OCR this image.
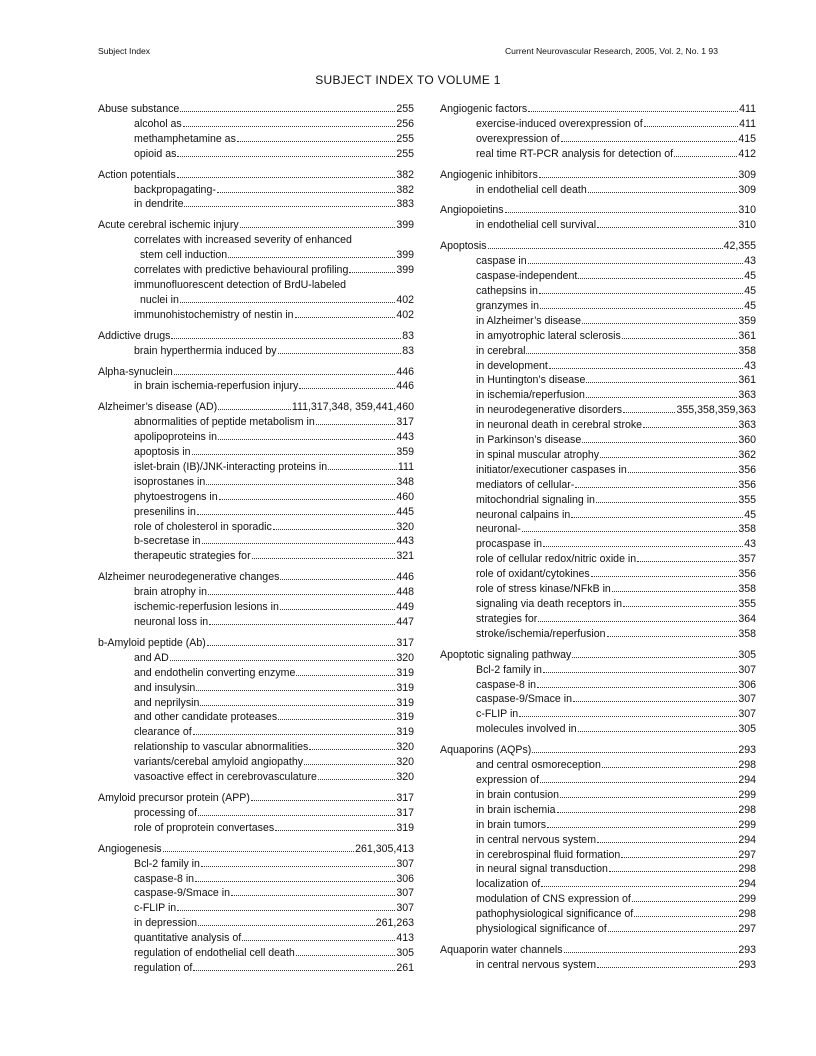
Subject Index	Current Neurovascular Research, 2005, Vol. 2, No. 1 93
SUBJECT INDEX TO VOLUME 1
Abuse substance	255
alcohol as	256
methamphetamine as	255
opioid as	255
Action potentials	382
backpropagating-	382
in dendrite	383
Acute cerebral ischemic injury	399
correlates with increased severity of enhanced
stem cell induction	399
correlates with predictive behavioural profiling	399
immunofluorescent detection of BrdU-labeled
nuclei in	402
immunohistochemistry of nestin in	402
Addictive drugs	83
brain hyperthermia induced by	83
Alpha-synuclein	446
in brain ischemia-reperfusion injury	446
Alzheimer’s disease (AD)	111,317,348, 359,441,460
abnormalities of peptide metabolism in	317
apolipoproteins in	443
apoptosis in	359
islet-brain (IB)/JNK-interacting proteins in	111
isoprostanes in	348
phytoestrogens in	460
presenilins in	445
role of cholesterol in sporadic	320
b-secretase in	443
therapeutic strategies for	321
Alzheimer neurodegenerative changes	446
brain atrophy in	448
ischemic-reperfusion lesions in	449
neuronal loss in	447
b-Amyloid peptide (Ab)	317
and AD	320
and endothelin converting enzyme	319
and insulysin	319
and neprilysin	319
and other candidate proteases	319
clearance of	319
relationship to vascular abnormalities	320
variants/cerebal amyloid angiopathy	320
vasoactive effect in cerebrovasculature	320
Amyloid precursor protein (APP)	317
processing of	317
role of proprotein convertases	319
Angiogenesis	261,305,413
Bcl-2 family in	307
caspase-8 in	306
caspase-9/Smace in	307
c-FLIP in	307
in depression	261,263
quantitative analysis of	413
regulation of endothelial cell death	305
regulation of	261
Angiogenic factors	411
exercise-induced overexpression of	411
overexpression of	415
real time RT-PCR analysis for detection of	412
Angiogenic inhibitors	309
in endothelial cell death	309
Angiopoietins	310
in endothelial cell survival	310
Apoptosis	42,355
caspase in	43
caspase-independent	45
cathepsins in	45
granzymes in	45
in Alzheimer’s disease	359
in amyotrophic lateral sclerosis	361
in cerebral	358
in development	43
in Huntington’s disease	361
in ischemia/reperfusion	363
in neurodegenerative disorders	355,358,359,363
in neuronal death in cerebral stroke	363
in Parkinson’s disease	360
in spinal muscular atrophy	362
initiator/executioner caspases in	356
mediators of cellular-	356
mitochondrial signaling in	355
neuronal calpains in	45
neuronal-	358
procaspase in	43
role of cellular redox/nitric oxide in	357
role of oxidant/cytokines	356
role of stress kinase/NFkB in	358
signaling via death receptors in	355
strategies for	364
stroke/ischemia/reperfusion	358
Apoptotic signaling pathway	305
Bcl-2 family in	307
caspase-8 in	306
caspase-9/Smace in	307
c-FLIP in	307
molecules involved in	305
Aquaporins (AQPs)	293
and central osmoreception	298
expression of	294
in brain contusion	299
in brain ischemia	298
in brain tumors	299
in central nervous system	294
in cerebrospinal fluid formation	297
in neural signal transduction	298
localization of	294
modulation of CNS expression of	299
pathophysiological significance of	298
physiological significance of	297
Aquaporin water channels	293
in central nervous system	293
